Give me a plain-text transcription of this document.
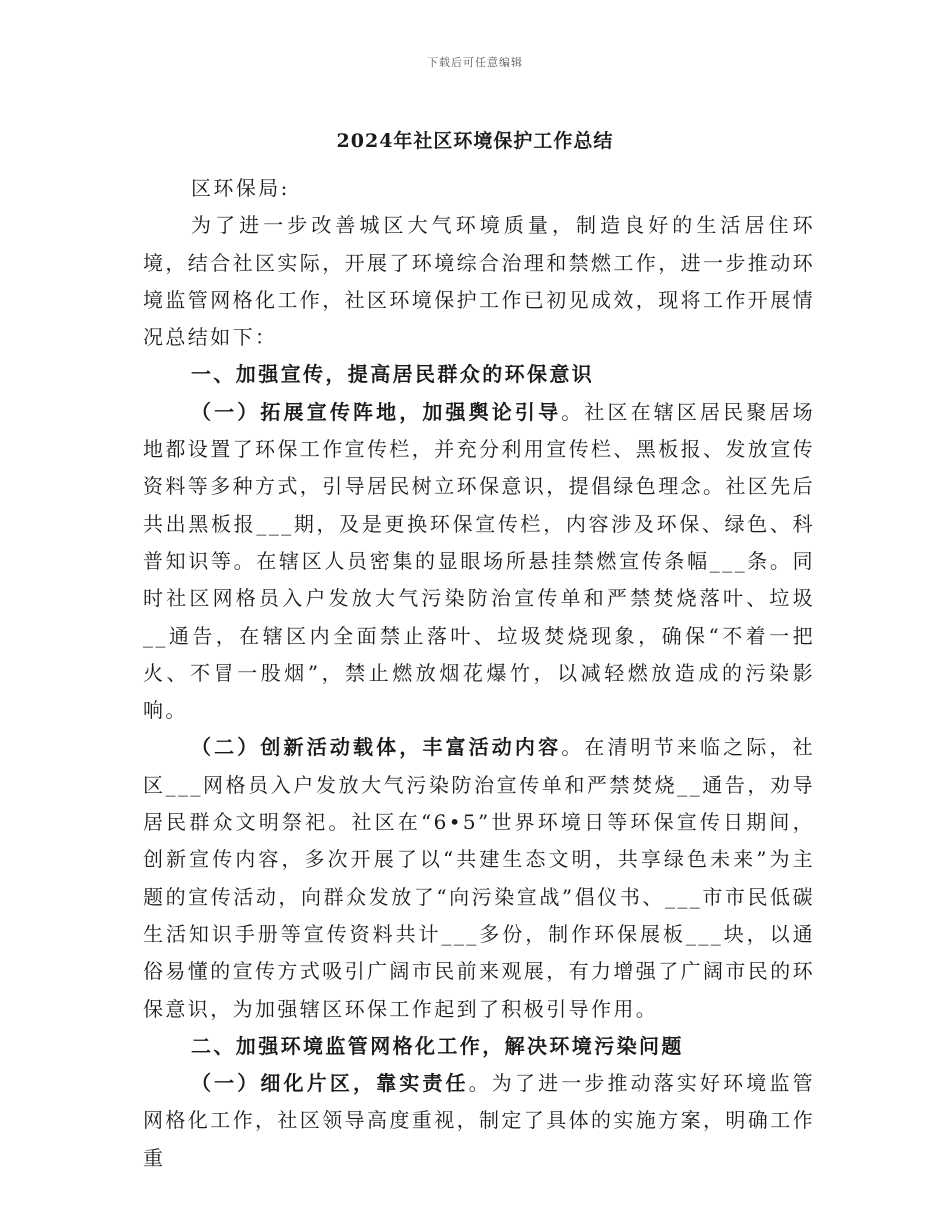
下载后可任意编辑
2024年社区环境保护工作总结

区环保局:

为了进一步改善城区大气环境质量，制造良好的生活居住环境，结合社区实际，开展了环境综合治理和禁燃工作，进一步推动环境监管网格化工作，社区环境保护工作已初见成效，现将工作开展情况总结如下：

一、加强宣传，提高居民群众的环保意识

（一）拓展宣传阵地，加强舆论引导。社区在辖区居民聚居场地都设置了环保工作宣传栏，并充分利用宣传栏、黑板报、发放宣传资料等多种方式，引导居民树立环保意识，提倡绿色理念。社区先后共出黑板报___期，及是更换环保宣传栏，内容涉及环保、绿色、科普知识等。在辖区人员密集的显眼场所悬挂禁燃宣传条幅___条。同时社区网格员入户发放大气污染防治宣传单和严禁焚烧落叶、垃圾__通告，在辖区内全面禁止落叶、垃圾焚烧现象，确保“不着一把火、不冒一股烟”，禁止燃放烟花爆竹，以减轻燃放造成的污染影响。

（二）创新活动载体，丰富活动内容。在清明节来临之际，社区___网格员入户发放大气污染防治宣传单和严禁焚烧__通告，劝导居民群众文明祭祀。社区在“6•5”世界环境日等环保宣传日期间，创新宣传内容，多次开展了以“共建生态文明，共享绿色未来”为主题的宣传活动，向群众发放了“向污染宣战”倡仪书、___市市民低碳生活知识手册等宣传资料共计___多份，制作环保展板___块，以通俗易懂的宣传方式吸引广阔市民前来观展，有力增强了广阔市民的环保意识，为加强辖区环保工作起到了积极引导作用。

二、加强环境监管网格化工作，解决环境污染问题

（一）细化片区，靠实责任。为了进一步推动落实好环境监管网格化工作，社区领导高度重视，制定了具体的实施方案，明确工作重
